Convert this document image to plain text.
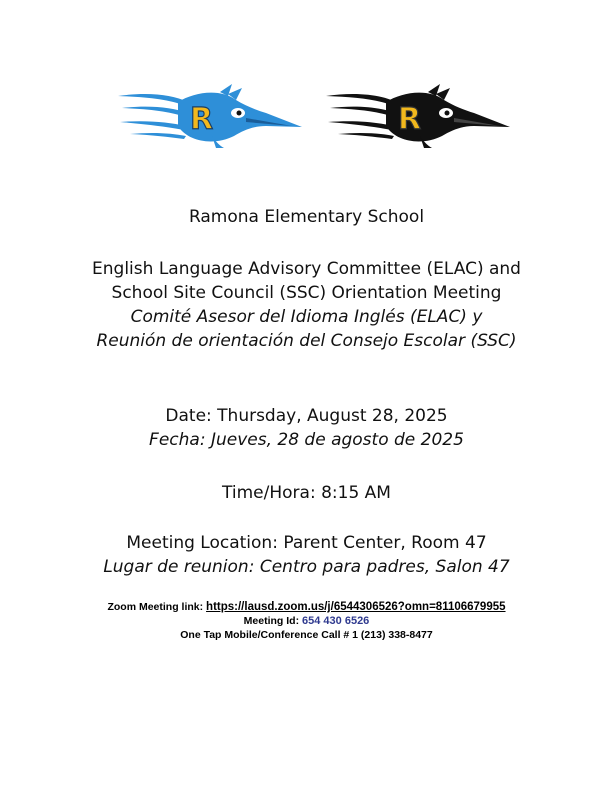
R	R
Ramona Elementary School
English Language Advisory Committee (ELAC) and
School Site Council (SSC) Orientation Meeting
Comité Asesor del Idioma Inglés (ELAC) y
Reunión de orientación del Consejo Escolar (SSC)
Date: Thursday, August 28, 2025
Fecha: Jueves, 28 de agosto de 2025
Time/Hora: 8:15 AM
Meeting Location: Parent Center, Room 47
Lugar de reunion: Centro para padres, Salon 47
Zoom Meeting link: https://lausd.zoom.us/j/6544306526?omn=81106679955
Meeting Id: 654 430 6526
One Tap Mobile/Conference Call # 1 (213) 338-8477
